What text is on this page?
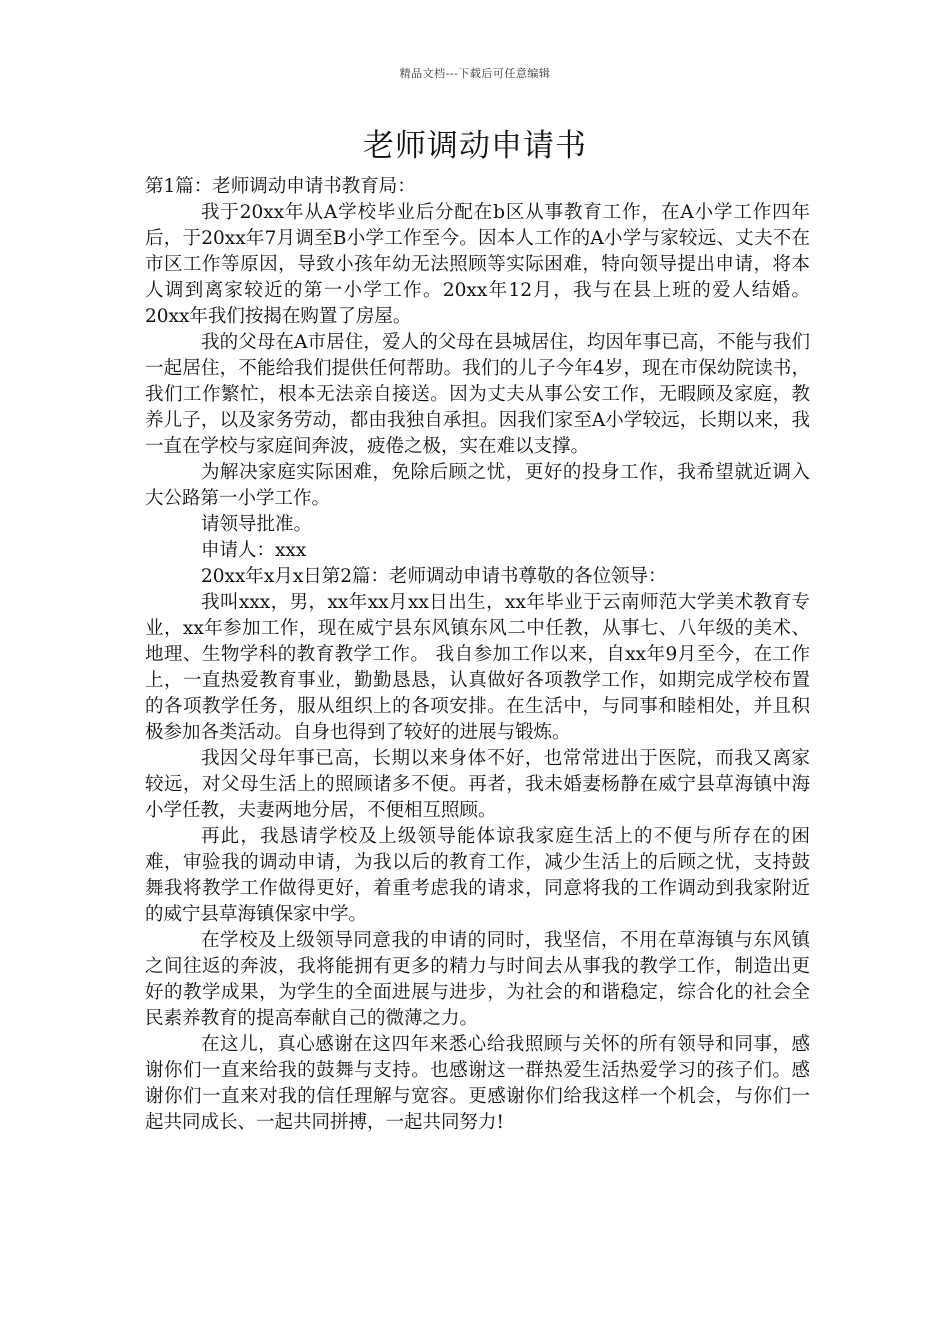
精品文档---下载后可任意编辑
老师调动申请书

第1篇：老师调动申请书教育局：

我于20xx年从A学校毕业后分配在b区从事教育工作，在A小学工作四年后，于20xx年7月调至B小学工作至今。因本人工作的A小学与家较远、丈夫不在市区工作等原因，导致小孩年幼无法照顾等实际困难，特向领导提出申请，将本人调到离家较近的第一小学工作。20xx年12月，我与在县上班的爱人结婚。20xx年我们按揭在购置了房屋。

我的父母在A市居住，爱人的父母在县城居住，均因年事已高，不能与我们一起居住，不能给我们提供任何帮助。我们的儿子今年4岁，现在市保幼院读书，我们工作繁忙，根本无法亲自接送。因为丈夫从事公安工作，无暇顾及家庭，教养儿子，以及家务劳动，都由我独自承担。因我们家至A小学较远，长期以来，我一直在学校与家庭间奔波，疲倦之极，实在难以支撑。

为解决家庭实际困难，免除后顾之忧，更好的投身工作，我希望就近调入大公路第一小学工作。

请领导批准。

申请人：xxx

20xx年x月x日第2篇：老师调动申请书尊敬的各位领导：

我叫xxx，男，xx年xx月xx日出生，xx年毕业于云南师范大学美术教育专业，xx年参加工作，现在威宁县东风镇东风二中任教，从事七、八年级的美术、地理、生物学科的教育教学工作。 我自参加工作以来，自xx年9月至今，在工作上，一直热爱教育事业，勤勤恳恳，认真做好各项教学工作，如期完成学校布置的各项教学任务，服从组织上的各项安排。在生活中，与同事和睦相处，并且积极参加各类活动。自身也得到了较好的进展与锻炼。

我因父母年事已高，长期以来身体不好，也常常进出于医院，而我又离家较远，对父母生活上的照顾诸多不便。再者，我未婚妻杨静在威宁县草海镇中海小学任教，夫妻两地分居，不便相互照顾。

再此，我恳请学校及上级领导能体谅我家庭生活上的不便与所存在的困难，审验我的调动申请，为我以后的教育工作，减少生活上的后顾之忧，支持鼓舞我将教学工作做得更好，着重考虑我的请求，同意将我的工作调动到我家附近的威宁县草海镇保家中学。

在学校及上级领导同意我的申请的同时，我坚信，不用在草海镇与东风镇之间往返的奔波，我将能拥有更多的精力与时间去从事我的教学工作，制造出更好的教学成果，为学生的全面进展与进步，为社会的和谐稳定，综合化的社会全民素养教育的提高奉献自己的微薄之力。

在这儿，真心感谢在这四年来悉心给我照顾与关怀的所有领导和同事，感谢你们一直来给我的鼓舞与支持。也感谢这一群热爱生活热爱学习的孩子们。感谢你们一直来对我的信任理解与宽容。更感谢你们给我这样一个机会，与你们一起共同成长、一起共同拼搏，一起共同努力!
